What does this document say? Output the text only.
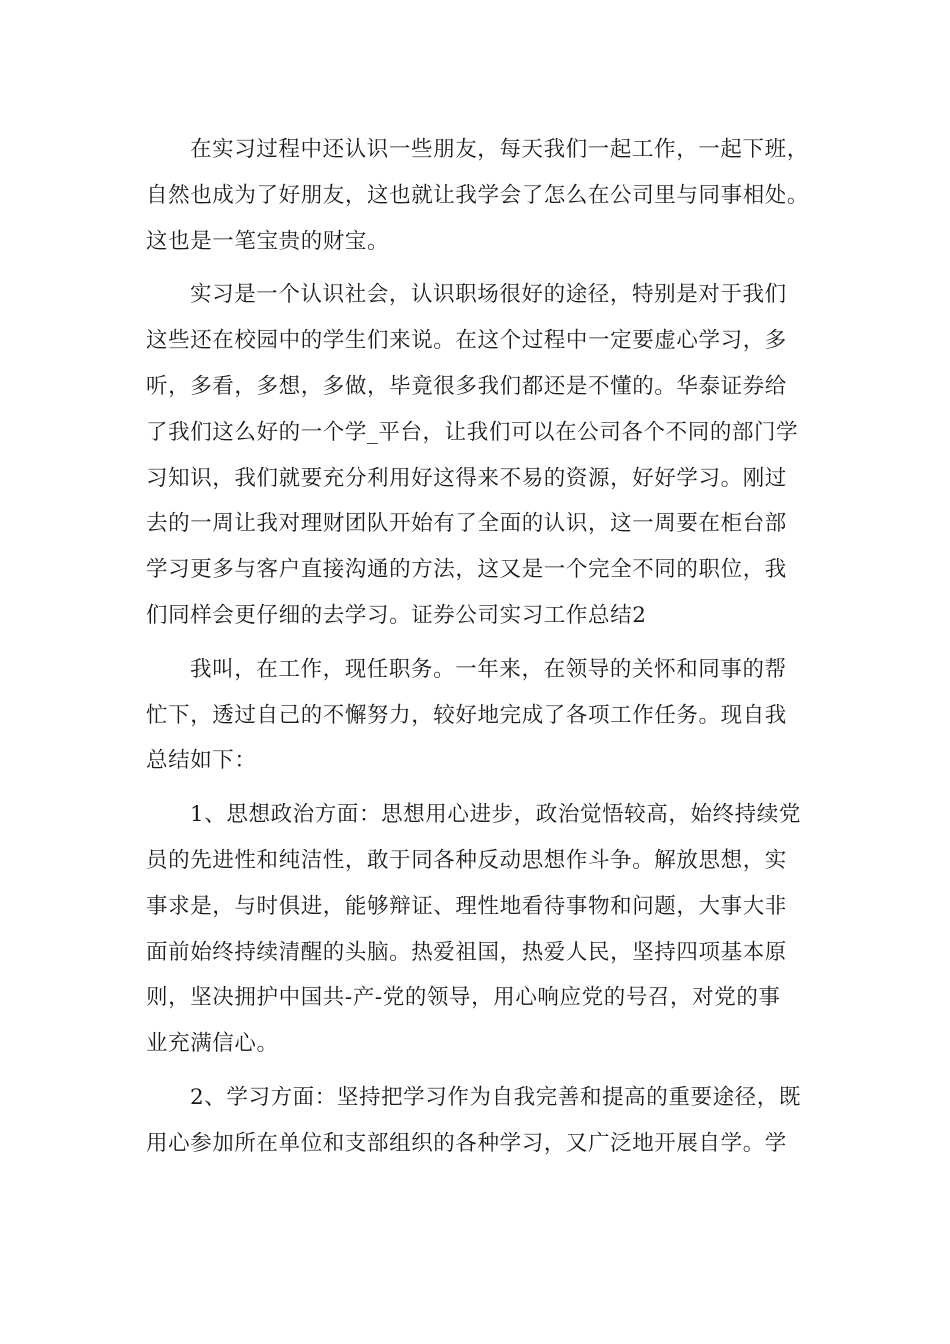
在实习过程中还认识一些朋友，每天我们一起工作，一起下班，
自然也成为了好朋友，这也就让我学会了怎么在公司里与同事相处。
这也是一笔宝贵的财宝。
实习是一个认识社会，认识职场很好的途径，特别是对于我们
这些还在校园中的学生们来说。在这个过程中一定要虚心学习，多
听，多看，多想，多做，毕竟很多我们都还是不懂的。华泰证券给
了我们这么好的一个学_平台，让我们可以在公司各个不同的部门学
习知识，我们就要充分利用好这得来不易的资源，好好学习。刚过
去的一周让我对理财团队开始有了全面的认识，这一周要在柜台部
学习更多与客户直接沟通的方法，这又是一个完全不同的职位，我
们同样会更仔细的去学习。证券公司实习工作总结2
我叫，在工作，现任职务。一年来，在领导的关怀和同事的帮
忙下，透过自己的不懈努力，较好地完成了各项工作任务。现自我
总结如下：
1、思想政治方面：思想用心进步，政治觉悟较高，始终持续党
员的先进性和纯洁性，敢于同各种反动思想作斗争。解放思想，实
事求是，与时俱进，能够辩证、理性地看待事物和问题，大事大非
面前始终持续清醒的头脑。热爱祖国，热爱人民，坚持四项基本原
则，坚决拥护中国共-产-党的领导，用心响应党的号召，对党的事
业充满信心。
2、学习方面：坚持把学习作为自我完善和提高的重要途径，既
用心参加所在单位和支部组织的各种学习，又广泛地开展自学。学
